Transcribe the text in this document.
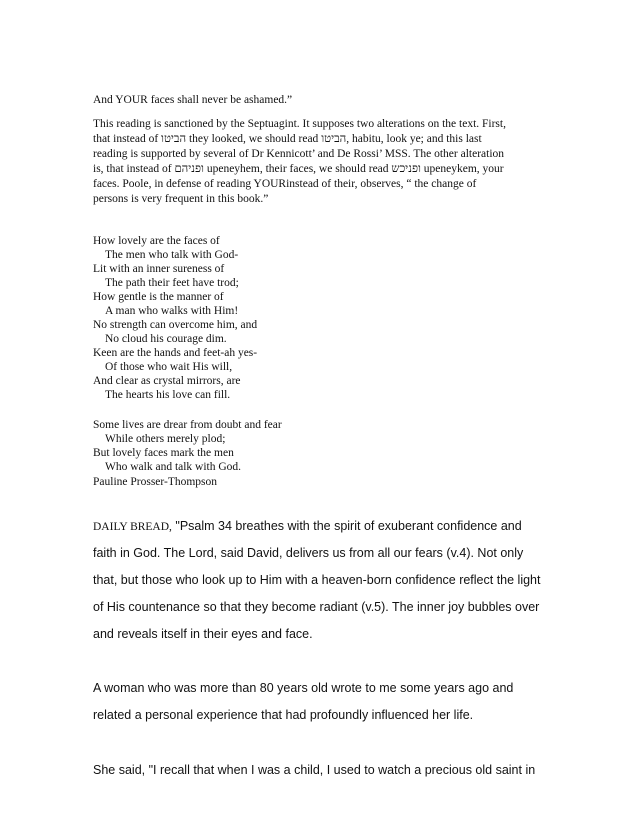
And YOUR faces shall never be ashamed.”
This reading is sanctioned by the Septuagint. It supposes two alterations on the text. First,
that instead of הביטו they looked, we should read הביטו, habitu, look ye; and this last
reading is supported by several of Dr Kennicott’ and De Rossi’ MSS. The other alteration
is, that instead of ופניהם upeneyhem, their faces, we should read ופניכש upeneykem, your
faces. Poole, in defense of reading YOURinstead of their, observes, “ the change of
persons is very frequent in this book.”
How lovely are the faces of
The men who talk with God-
Lit with an inner sureness of
The path their feet have trod;
How gentle is the manner of
A man who walks with Him!
No strength can overcome him, and
No cloud his courage dim.
Keen are the hands and feet-ah yes-
Of those who wait His will,
And clear as crystal mirrors, are
The hearts his love can fill.
Some lives are drear from doubt and fear
While others merely plod;
But lovely faces mark the men
Who walk and talk with God.
Pauline Prosser-Thompson
DAILY BREAD, "Psalm 34 breathes with the spirit of exuberant confidence and
faith in God. The Lord, said David, delivers us from all our fears (v.4). Not only
that, but those who look up to Him with a heaven-born confidence reflect the light
of His countenance so that they become radiant (v.5). The inner joy bubbles over
and reveals itself in their eyes and face.
A woman who was more than 80 years old wrote to me some years ago and
related a personal experience that had profoundly influenced her life.
She said, "I recall that when I was a child, I used to watch a precious old saint in
